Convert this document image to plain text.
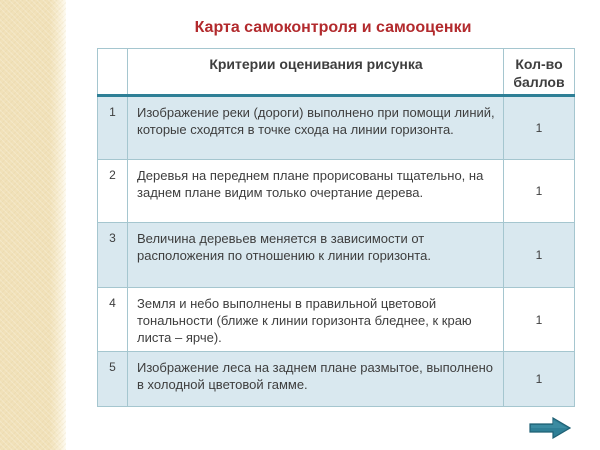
Карта самоконтроля и самооценки
	Критерии оценивания рисунка	Кол-во баллов
1	Изображение реки (дороги) выполнено при помощи линий, которые сходятся в точке схода на линии горизонта.	1
2	Деревья на переднем плане прорисованы тщательно, на заднем плане видим только очертание дерева.	1
3	Величина деревьев меняется в зависимости от расположения по отношению к линии горизонта.	1
4	Земля и небо выполнены в правильной цветовой тональности (ближе к линии горизонта бледнее, к краю листа – ярче).	1
5	Изображение леса на заднем плане размытое, выполнено в холодной цветовой гамме.	1
